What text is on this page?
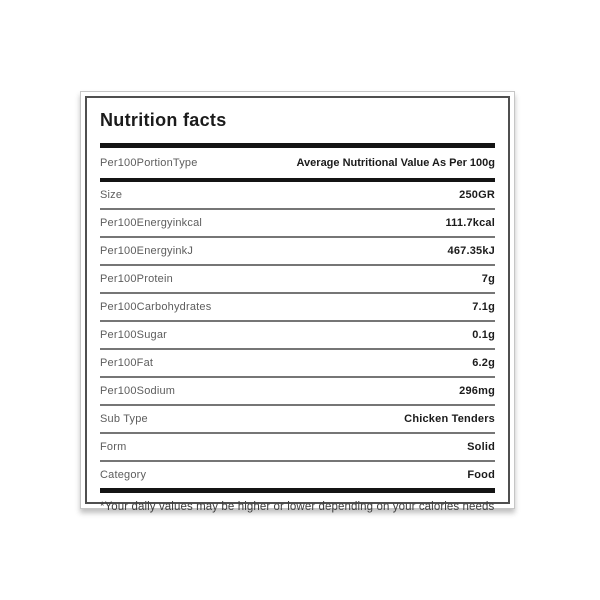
Nutrition facts
Per100PortionType	Average Nutritional Value As Per 100g
Size	250GR
Per100Energyinkcal	111.7kcal
Per100EnergyinkJ	467.35kJ
Per100Protein	7g
Per100Carbohydrates	7.1g
Per100Sugar	0.1g
Per100Fat	6.2g
Per100Sodium	296mg
Sub Type	Chicken Tenders
Form	Solid
Category	Food
*Your daily values may be higher or lower depending on your calories needs
